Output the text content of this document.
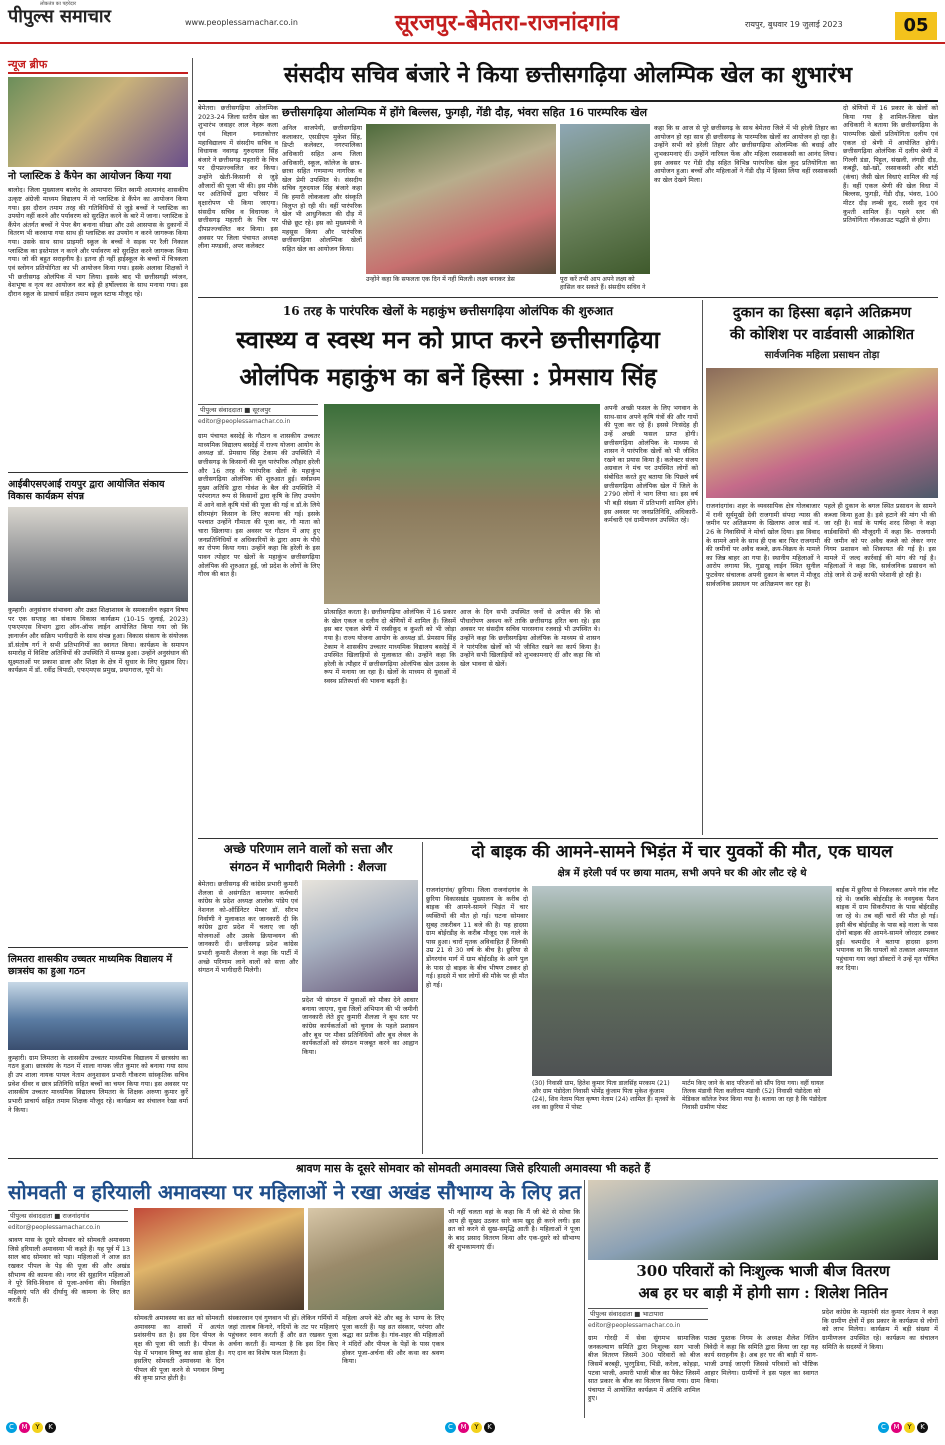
लोकतंत्र का पहरेदार
पीपुल्स समाचार	www.peoplessamachar.co.in	सूरजपुर-बेमेतरा-राजनांदगांव	रायपुर, बुधवार 19 जुलाई 2023	05
न्यूज ब्रीफ
नो प्लास्टिक डे कैंपेन का आयोजन किया गया
बालोद। जिला मुख्यालय बालोद के आमापारा स्थित स्वामी आत्मानंद शासकीय उत्कृष्ट अंग्रेजी माध्यम विद्यालय में नो प्लास्टिक डे कैंपेन का आयोजन किया गया। इस दौरान तमाम तरह की गतिविधियों से जुड़े बच्चों ने प्लास्टिक का उपयोग नहीं करने और पर्यावरण को सुरक्षित करने के बारे में जाना। प्लास्टिक डे कैंपेन अंतर्गत बच्चों ने पेपर बैग बनाना सीखा और उसे आसपास के दुकानों में वितरण भी करवाया गया साथ ही प्लास्टिक का उपयोग न करने जागरूक किया गया। उसके साथ साथ प्राइमरी स्कूल के बच्चों ने सड़क पर रैली निकाल प्लास्टिक का इस्तेमाल न करने और पर्यावरण को सुरक्षित करने जागरूक किया गया। जो की बहुत सराहनीय है। इतना ही नहीं हाईस्कूल के बच्चों में चित्रकला एवं स्लोगन प्रतियोगिता का भी आयोजन किया गया। इसके अलावा शिक्षकों ने भी छत्तीसगढ़ ओलंपिक में भाग लिया। इसके बाद भी छत्तीसगढ़ी व्यंजन, वेशभूषा व नृत्य का आयोजन कर बड़े ही हर्षोल्लास के साथ मनाया गया। इस दौरान स्कूल के प्राचार्य सहित तमाम स्कूल स्टाफ मौजूद रहे।
आईबीएसएआई रायपुर द्वारा आयोजित संकाय विकास कार्यक्रम संपन्न
कुम्हारी। अनुसंधान संभावना और उन्नत शिक्षाशास्त्र के समकालीन रुझान विषय पर एक सप्ताह का संकाय विकास कार्यक्रम (10-15 जुलाई, 2023) एफएमएस विभाग द्वारा ऑन-ऑफ लाईन आयोजित किया गया जो कि ज्ञानार्जन और सक्रिय भागीदारी के साथ संपन्न हुआ। विकास संकाय के संयोजक डॉ.संतोष गर्ग ने सभी प्रतिभागियों का स्वागत किया। कार्यक्रम के समापन समारोह में विशिष्ट अतिथियों की उपस्थिति में सम्पन्न हुआ। उन्होंने अनुसंधान की सूक्ष्मताओं पर प्रकाश डाला और शिक्षा के क्षेत्र में सुधार के लिए सुझाव दिए। कार्यक्रम में डॉ. रवींद्र त्रिपाठी, एफएमएस प्रमुख, प्रयागराज, यूपी थे।
लिमतरा शासकीय उच्चतर माध्यमिक विद्यालय में छात्रसंघ का हुआ गठन
कुम्हारी। ग्राम लिमतरा के शासकीय उच्चतर माध्यमिक विद्यालय में छात्रसंघ का गठन हुआ। छात्रसंघ के गठन में शाला नायक जीत कुमार को बनाया गया साथ ही उप शाला नायक पायल नेताम अनुशासन प्रभारी गौकरण सांस्कृतिक सचिव प्रवेश धीवर व छात्र प्रतिनिधि सहित बच्चों का चयन किया गया। इस अवसर पर शासकीय उच्चतर माध्यमिक विद्यालय लिमतरा के शिक्षक अरुणा कुमार कुर्रे प्रभारी प्राचार्य सहित तमाम शिक्षक मौजूद रहे। कार्यक्रम का संचालन रेखा वर्मा ने किया।
संसदीय सचिव बंजारे ने किया छत्तीसगढ़िया ओलम्पिक खेल का शुभारंभ
बेमेतरा। छत्तीसगढ़िया ओलम्पिक 2023-24 जिला स्तरीय खेल का शुभारंभ जवाहर लाल नेहरू कला एवं विज्ञान स्नातकोत्तर महाविद्यालय में संसदीय सचिव व विधायक नवागढ़ गुरुदयाल सिंह बंजारे ने छत्तीसगढ़ महतारी के चित्र पर दीपप्रज्ज्वलित कर किया। उन्होंने खेती-किसानी से जुड़े औजारों की पूजा भी की। इस मौके पर अतिथियों द्वारा परिसर में वृक्षारोपण भी किया जाएगा। संसदीय सचिव व विधायक ने छत्तीसगढ़ महतारी के चित्र पर दीपप्रज्ज्वलित कर किया। इस अवसर पर जिला पंचायत अध्यक्ष लीना मण्डावी, अपर कलेक्टर
छत्तीसगढ़िया ओलम्पिक में होंगे बिल्लस, फुगड़ी, गेंडी दौड़, भंवरा सहित 16 पारम्परिक खेल
अनिल वाजपेयी, छत्तीसगढ़िया कलाकार, एसडीएम मुकेश सिंह, डिप्टी कलेक्टर, नगरपालिका अधिकारी सहित अन्य जिला अधिकारी, स्कूल, कॉलेज के छात्र-छात्रा सहित गणमान्य नागरिक व खेल प्रेमी उपस्थित थे। संसदीय सचिव गुरुदयाल सिंह बंजारे कहा कि हमारी लोककला और संस्कृति विलुप्त हो रही थी। वहीं पारंपरिक खेल भी आधुनिकता की दौड़ में पीछे छूट रहे। इस को मुख्यमंत्री ने महसूस किया और पारंपरिक छत्तीसगढ़िया ओलम्पिक खेलों सहित खेल का आयोजन किया।
उन्होंने कहा कि सफलता एक दिन में नहीं मिलती। लक्ष्य बनाकर डेस	पूरा करें तभी आप अपने लक्ष्य को हासिल कर सकते हैं। संसदीय सचिव ने
कहा कि स आज से पूरे छत्तीसगढ़ के साथ बेमेतरा जिले में भी हरेली तिहार का आयोजन हो रहा साथ ही छत्तीसगढ़ के पारम्परिक खेलों का आयोजन हो रहा है। उन्होंने सभी को हरेली तिहार और छत्तीसगढ़िया ओलम्पिक की बधाई और शुभकामनाएं दीं। उन्होंने नारियल फेंक और महिला रस्साकस्सी का आनंद लिया। इस अवसर पर गेंडी दौड़ सहित विभिन्न पारंपरिक खेल कूद प्रतियोगिता का आयोजन हुआ। बच्चों और महिलाओं ने गेंडी दौड़ में हिस्सा लिया वहीं रस्साकस्सी का खेल देखने मिला।
दो श्रेणियों में 16 प्रकार के खेलों को किया गया है शामिल-जिला खेल अधिकारी ने बताया कि छत्तीसगढ़िया के पारम्परिक खेलों प्रतियोगिता दलीय एवं एकल दो श्रेणी में आयोजित होगी। छत्तीसगढ़िया ओलंपिक में दलीय श्रेणी में गिल्ली डंडा, पिट्टूल, संखली, लंगड़ी दौड़, कबड्डी, खो-खो, रस्साकस्सी और बांटी (कंचा) जैसी खेल विधाएं शामिल की गई हैं। वहीं एकल श्रेणी की खेल विधा में बिल्लस, फुगड़ी, गेंडी दौड़, भंवरा, 100 मीटर दौड़ लम्बी कूद, रस्सी कूद एवं कुश्ती शामिल हैं। पहले स्तर की प्रतियोगिता नॉकआउट पद्धति से होगा।
16 तरह के पारंपरिक खेलों के महाकुंभ छत्तीसगढ़िया ओलंपिक की शुरुआत
स्वास्थ्य व स्वस्थ मन को प्राप्त करने छत्तीसगढ़िया
ओलंपिक महाकुंभ का बनें हिस्सा : प्रेमसाय सिंह
पीपुल्स संवाददाता ■ सूरजपुर
editor@peoplessamachar.co.in
ग्राम पंचायत बसदेई के गौठान व शासकीय उच्चतर माध्यमिक विद्यालय बसदेई में राज्य योजना आयोग के अध्यक्ष डॉ. प्रेमसाय सिंह टेकाम की उपस्थिति में छत्तीसगढ़ के किसानों की मूल पारंपरिक त्यौहार हरेली और 16 तरह के पारंपरिक खेलों के महाकुंभ छत्तीसगढ़िया ओलंपिक की शुरुआत हुई। सर्वप्रथम मुख्य अतिथि द्वारा गोवंश के बैल की उपस्थिति में परंपरागत रूप से किसानों द्वारा कृषि के लिए उपयोग में आने वाले कृषि यंत्रों की पूजा की गई व डॉ.के लिये सीरमहंग किसान के लिए कामना की गई। इसके पश्चात उन्होंने गौमाता की पूजा कर, गौ माता को चारा खिलाया। इस अवसर पर गौठान में आए हुए जनप्रतिनिधियों व अधिकारियों के द्वारा आम के पौधे का रोपण किया गया। उन्होंने कहा कि हरेली के इस पावन त्योहार पर खेलों के महाकुंभ छत्तीसगढ़िया ओलंपिक की शुरुआत हुई, जो प्रदेश के लोगों के लिए गौरव की बात है।
प्रोत्साहित करता है। छत्तीसगढ़िया ओलंपिक में 16 प्रकार के खेल एकल व दलीय दो श्रेणियों में शामिल हैं। जिसमें इस बार एकल श्रेणी में रस्सीकूद व कुश्ती को भी जोड़ा गया है। राज्य योजना आयोग के अध्यक्ष डॉ. प्रेमसाय सिंह टेकाम ने शासकीय उच्चतर माध्यमिक विद्यालय बसदेई में उपस्थित खिलाड़ियों से मुलाकात की। उन्होंने कहा कि हरेली के त्यौहार में छत्तीसगढ़िया ओलंपिक खेल उत्सव के रूप में मनाया जा रहा है। खेलों के माध्यम से युवाओं में स्वस्थ प्रतिस्पर्धा की भावना बढ़ती है।
आज के दिन सभी उपस्थित जनों से अपील की कि वो पौधारोपण अवश्य करें ताकि छत्तीसगढ़ हरित बना रहे। इस अवसर पर संसदीय सचिव पारसनाथ रजवाड़े भी उपस्थित थे। उन्होंने कहा कि छत्तीसगढ़िया ओलंपिक के माध्यम से शासन ने पारंपरिक खेलों को भी जीवित रखने का कार्य किया है। उन्होंने सभी खिलाड़ियों को शुभकामनाएं दीं और कहा कि वो खेल भावना से खेलें।
अपनी अच्छी फसल के लिए भगवान के साथ-साथ अपने कृषि यंत्रों की और गायों की पूजा कर रहे हैं। इससे निःसंदेह ही उन्हें अच्छी फसल प्राप्त होगी। छत्तीसगढ़िया ओलंपिक के माध्यम से शासन ने पारंपरिक खेलों को भी जीवित रखने का प्रयास किया है। कलेक्टर संजय अग्रवाल ने मंच पर उपस्थित लोगों को संबोधित करते हुए बताया कि पिछले वर्ष छत्तीसगढ़िया ओलंपिक खेल में जिले के 2790 लोगों ने भाग लिया था। इस वर्ष भी बड़ी संख्या में प्रतिभागी शामिल होंगे। इस अवसर पर जनप्रतिनिधि, अधिकारी-कर्मचारी एवं ग्रामीणजन उपस्थित रहे।
दुकान का हिस्सा बढ़ाने अतिक्रमण
की कोशिश पर वार्डवासी आक्रोशित
सार्वजनिक महिला प्रसाधन तोड़ा
राजनांदगांव। शहर के व्यवसायिक क्षेत्र गोलबाजार में रानी सूर्यमुखी देवी राजगामी संपदा न्यास की जमीन पर अतिक्रमण के खिलाफ आज वार्ड नं. 26 के निवासियों ने मोर्चा खोल दिया। इस विवाद के सामने आने के साथ ही एक बार फिर राजगामी की जमीनों पर अवैध कब्जे, क्रय-विक्रय के मामले का जिन्न बाहर आ गया है। स्थानीय महिलाओं ने आरोप लगाया कि, गुडाखू लाईन स्थित सुनील फुटवेयर संचालक अपनी दुकान के बगल में मौजूद सार्वजनिक प्रसाधन पर अतिक्रमण कर रहा है।
पहले ही दुकान के बगल स्थित प्रसाधन के सामने कब्जा किया हुआ है। इसे हटाने की मांग भी की जा रही है। वार्ड के पार्षद शरद सिन्हा ने कहा वार्डवासियों की मौजूदगी में कहा कि- राजगामी की जमीन को पर अवैध कब्जे को लेकर नगर निगम प्रशासन को शिकायत की गई है। इस मामले में जल्द कार्रवाई की मांग की गई है। महिलाओं ने कहा कि, सार्वजनिक प्रसाधन को तोड़े जाने से उन्हें काफी परेशानी हो रही है।
अच्छे परिणाम लाने वालों को सत्ता और
संगठन में भागीदारी मिलेगी : शैलजा
बेमेतरा। छत्तीसगढ़ की कांग्रेस प्रभारी कुमारी शैलजा से असंगठित कामगार कर्मचारी कांग्रेस के प्रदेश अध्यक्ष आलोक पांडेय एवं नेशनल को-ऑर्डिनेटर मेम्बर डॉ. सौरभ निर्वाणी ने मुलाकात कर जानकारी दी कि कांग्रेस द्वारा प्रदेश में चलाए जा रही योजनाओं और उसके क्रियान्वयन की जानकारी दी। छत्तीसगढ़ प्रदेश कांग्रेस प्रभारी कुमारी शैलजा ने कहा कि पार्टी में अच्छे परिणाम लाने वालों को सत्ता और संगठन में भागीदारी मिलेगी।
प्रदेश भी संगठन में युवाओं को मौका देने आधार बनाया जाएगा, युवा जिलों अभियान की भी जमीनी जानकारी लेते हुए कुमारी शैलजा ने बूथ स्तर पर कांग्रेस कार्यकर्ताओं को चुनाव के पहले प्रशासन और बूथ पर मौका प्रतिनिधियों और बूथ लेवल के कार्यकर्ताओं को संगठन मजबूत करने का आह्वान किया।
दो बाइक की आमने-सामने भिड़ंत में चार युवकों की मौत, एक घायल
क्षेत्र में हरेली पर्व पर छाया मातम, सभी अपने घर की ओर लौट रहे थे
राजनांदगांव/ छुरिया। जिला राजनांदगांव के छुरिया विकासखंड मुख्यालय के करीब दो बाइक की आमने-सामने भिड़ंत में चार व्यक्तियों की मौत हो गई। घटना सोमवार सुबह तकरीबन 11 बजे की है। यह हादसा ग्राम बोईरडीह के करीब मौजूद एक नाले के पास हुआ। चारों मृतक अविवाहित हैं जिनकी उम्र 21 से 30 वर्ष के बीच है। छुरिया से डोंगरगांव मार्ग में ग्राम बोईरडीह के आगे पुल के पास दो बाइक के बीच भीषण टक्कर हो गई। हादसे में चार लोगों की मौके पर ही मौत हो गई।
(30) निवासी ग्राम, हितेश कुमार पिता डालसिंह मरकाम (21) और ग्राम पंडोदेला निवासी भोमेंद्र कुंजाम पिता मुकेश कुंजाम (24), शिव नेताम पिता कृष्णा नेताम (24) शामिल हैं। मृतकों के शव का छुरिया में पोस्ट
मार्टम किए जाने के बाद परिजनों को सौंप दिया गया। वहीं घायल तिलक मंडावी पिता कलीराम मंडावी (52) निवासी पंडोदेला को मेडिकल कॉलेज रेफर किया गया है। बताया जा रहा है कि पंडोदेला निवासी ग्रामीण पोस्ट
बाईक में छुरिया से निकलकर अपने गांव लौट रहे थे। जबकि बोईरडीह के नवयुवक पैशन बाइक में ग्राम सिकरीपारा के पास बोईरडीह जा रहे थे। तब वहीं चारों की मौत हो गई। इसी बीच बोईरडीह के पास बड़े नाला के पास दोनों बाइक की आमने-सामने जोरदार टक्कर हुई। चश्मदीद ने बताया हादसा इतना भयानक था कि घायलों को तत्काल अस्पताल पहुंचाया गया जहां डॉक्टरों ने उन्हें मृत घोषित कर दिया।
श्रावण मास के दूसरे सोमवार को सोमवती अमावस्या जिसे हरियाली अमावस्या भी कहते हैं
सोमवती व हरियाली अमावस्या पर महिलाओं ने रखा अखंड सौभाग्य के लिए व्रत
पीपुल्स संवाददाता ■ राजनांदगांव
editor@peoplessamachar.co.in
श्रावण मास के दूसरे सोमवार को सोमवती अमावस्या जिसे हरियाली अमावस्या भी कहते हैं। यह पूर्व में 13 साल बाद सोमवार को पड़ा। महिलाओं ने आज व्रत रखकर पीपल के पेड़ की पूजा की और अखंड सौभाग्य की कामना की। नगर की सुहागिन महिलाओं ने पूरे विधि-विधान से पूजा-अर्चना की। विवाहित महिलाएं पति की दीर्घायु की कामना के लिए व्रत करती हैं।
सोमवती अमावस्या का व्रत को सोमवती अमावस्या का शास्त्रों में अत्यंत प्रशंसनीय व्रत है। इस दिन पीपल के वृक्ष की पूजा की जाती है। पीपल के पेड़ में भगवान विष्णु का वास होता है। इसलिए सोमवती अमावस्या के दिन पीपल की पूजा करने से भगवान विष्णु की कृपा प्राप्त होती है।
संस्कारवान एवं गुणवान भी हों। लेकिन गर्मियों में जहां तालाब किनारे, नदियों के तट पर महिलाएं पहुंचकर स्नान करती हैं और व्रत रखकर पूजा अर्चना करती हैं। मान्यता है कि इस दिन किए गए दान का विशेष फल मिलता है।
महिला अपने बेटे और बहु के भाग्य के लिए पूजा करती हैं। यह व्रत संस्कार, परंपरा और श्रद्धा का प्रतीक है। गांव-शहर की महिलाओं ने मंदिरों और पीपल के पेड़ों के पास एकत्र होकर पूजा-अर्चना की और कथा का श्रवण किया।
भी नहीं चलता वहां के कहा कि मैं जी बेटे से सोचा कि आप ही सुखद उठकर सारे काम खुद ही करने लगी। इस व्रत को करने से सुख-समृद्धि आती है। महिलाओं ने पूजा के बाद प्रसाद वितरण किया और एक-दूसरे को सौभाग्य की शुभकामनाएं दीं।
300 परिवारों को निःशुल्क भाजी बीज वितरण
अब हर घर बाड़ी में होगी साग : शिलेश नितिन
पीपुल्स संवाददाता ■ भाटापारा
editor@peoplessamachar.co.in
ग्राम गोरदी में सेवा सुंगमभ सामाजिक जनकल्याण समिति द्वारा निःशुल्क साग भाजी बीज वितरण जिसमें 300 परिवारों को बीज जिसमें बरबट्टी, भुरगुडिया, भिंडी, करेला, कोहड़ा, पटवा भाजी, अमारी भाजी बीज का पैकेट जिसमें सात प्रकार के बीज का वितरण किया गया। ग्राम पंचायत में आयोजित कार्यक्रम में अतिथि शामिल हुए।
पाठ्य पुस्तक निगम के अध्यक्ष शैलेश नितिन त्रिवेदी ने कहा कि समिति द्वारा किया जा रहा यह कार्य सराहनीय है। अब हर घर की बाड़ी में साग-भाजी उगाई जाएगी जिससे परिवारों को पौष्टिक आहार मिलेगा। ग्रामीणों ने इस पहल का स्वागत किया।
प्रदेश कांग्रेस के महामंत्री संत कुमार नेताम ने कहा कि ग्रामीण क्षेत्रों में इस प्रकार के कार्यक्रम से लोगों को लाभ मिलेगा। कार्यक्रम में बड़ी संख्या में ग्रामीणजन उपस्थित रहे। कार्यक्रम का संचालन समिति के सदस्यों ने किया।
C M Y K	C M Y K	C M Y K
